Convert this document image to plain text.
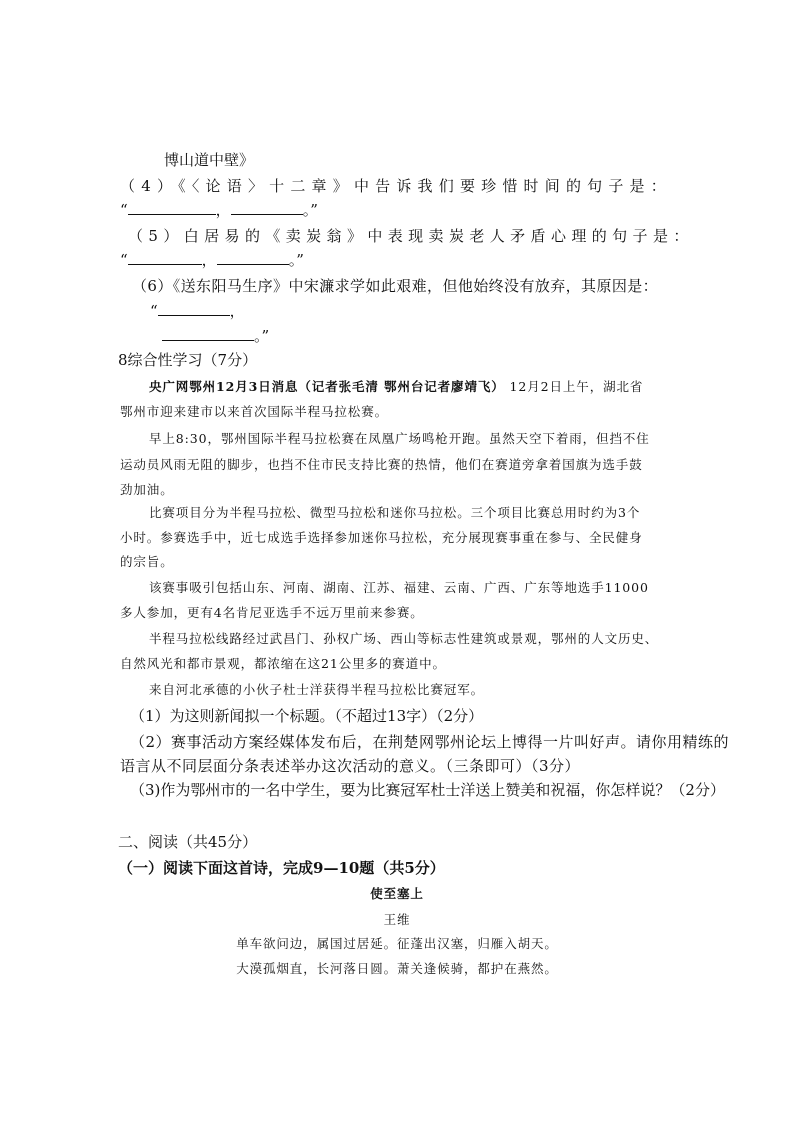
博山道中壁》
（4）《〈论语〉十二章》中告诉我们要珍惜时间的句子是：
“	，	。”
（5）白居易的《卖炭翁》中表现卖炭老人矛盾心理的句子是：
“	，	。”
（6）《送东阳马生序》中宋濂求学如此艰难，但他始终没有放弃，其原因是：
“	，
。”
8综合性学习（7分）
央广网鄂州12月3日消息（记者张毛清 鄂州台记者廖靖飞） 12月2日上午，湖北省
鄂州市迎来建市以来首次国际半程马拉松赛。
早上8:30，鄂州国际半程马拉松赛在凤凰广场鸣枪开跑。虽然天空下着雨，但挡不住
运动员风雨无阻的脚步，也挡不住市民支持比赛的热情，他们在赛道旁拿着国旗为选手鼓
劲加油。
比赛项目分为半程马拉松、微型马拉松和迷你马拉松。三个项目比赛总用时约为3个
小时。参赛选手中，近七成选手选择参加迷你马拉松，充分展现赛事重在参与、全民健身
的宗旨。
该赛事吸引包括山东、河南、湖南、江苏、福建、云南、广西、广东等地选手11000
多人参加，更有4名肯尼亚选手不远万里前来参赛。
半程马拉松线路经过武昌门、孙权广场、西山等标志性建筑或景观，鄂州的人文历史、
自然风光和都市景观，都浓缩在这21公里多的赛道中。
来自河北承德的小伙子杜士洋获得半程马拉松比赛冠军。
（1）为这则新闻拟一个标题。（不超过13字）（2分）
（2）赛事活动方案经媒体发布后，在荆楚网鄂州论坛上博得一片叫好声。请你用精练的
语言从不同层面分条表述举办这次活动的意义。（三条即可）（3分）
（3)作为鄂州市的一名中学生，要为比赛冠军杜士洋送上赞美和祝福，你怎样说？（2分）
二、阅读（共45分）
（一）阅读下面这首诗，完成9—10题（共5分）
使至塞上
王维
单车欲问边，属国过居延。征蓬出汉塞，归雁入胡天。
大漠孤烟直，长河落日圆。萧关逢候骑，都护在燕然。
